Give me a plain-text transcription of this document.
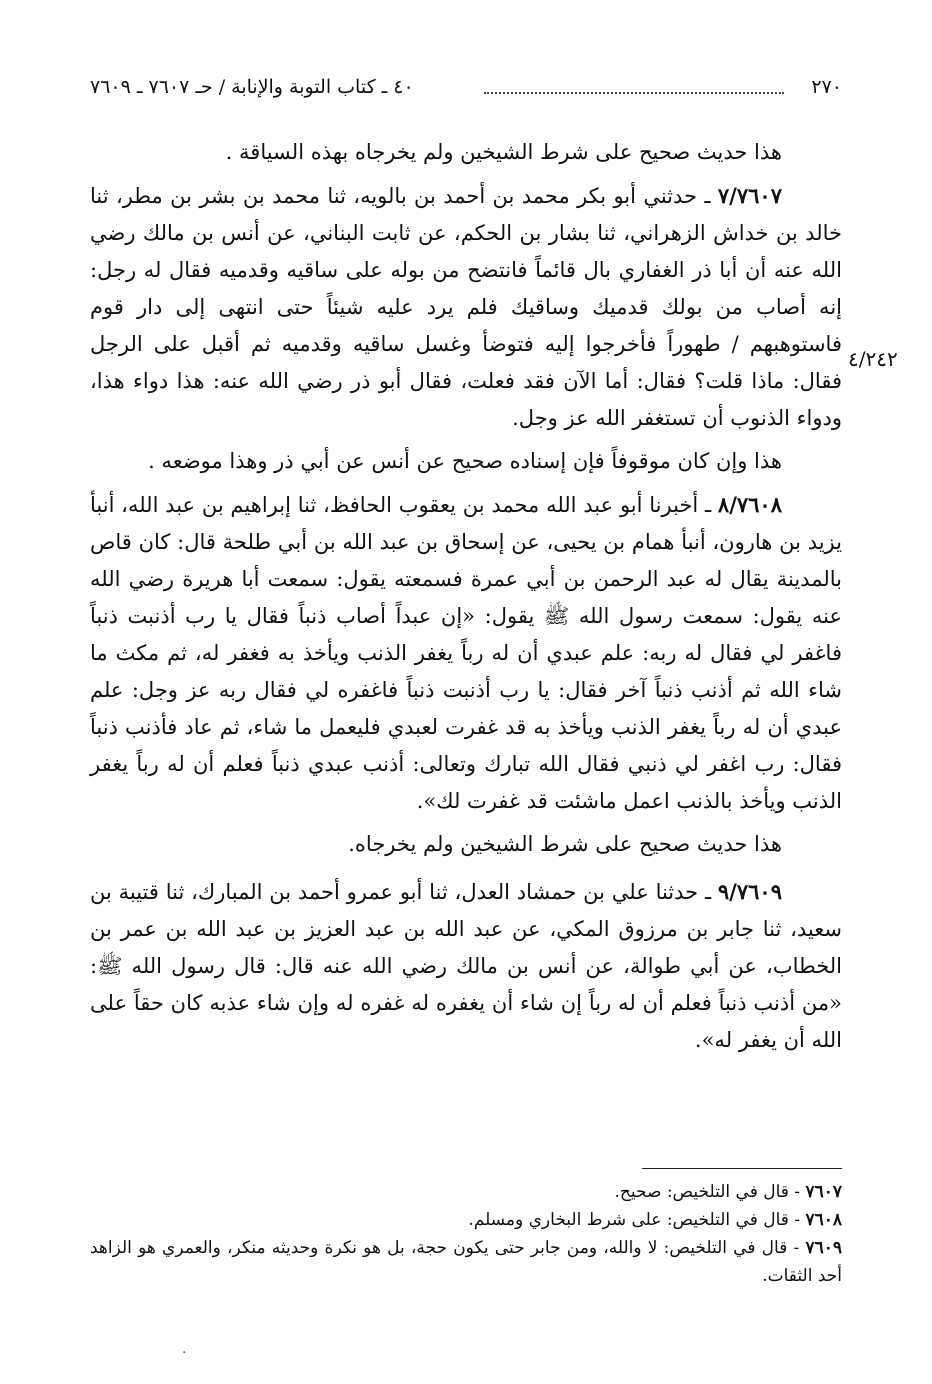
٢٧٠
٤٠ ـ كتاب التوبة والإنابة / حـ ٧٦٠٧ ـ ٧٦٠٩
٤/٢٤٢

هذا حديث صحيح على شرط الشيخين ولم يخرجاه بهذه السياقة .

٧/٧٦٠٧ ـ حدثني أبو بكر محمد بن أحمد بن بالويه، ثنا محمد بن بشر بن مطر، ثنا خالد بن خداش الزهراني، ثنا بشار بن الحكم، عن ثابت البناني، عن أنس بن مالك رضي الله عنه أن أبا ذر الغفاري بال قائماً فانتضح من بوله على ساقيه وقدميه فقال له رجل: إنه أصاب من بولك قدميك وساقيك فلم يرد عليه شيئاً حتى انتهى إلى دار قوم فاستوهبهم / طهوراً فأخرجوا إليه فتوضأ وغسل ساقيه وقدميه ثم أقبل على الرجل فقال: ماذا قلت؟ فقال: أما الآن فقد فعلت، فقال أبو ذر رضي الله عنه: هذا دواء هذا، ودواء الذنوب أن تستغفر الله عز وجل.

هذا وإن كان موقوفاً فإن إسناده صحيح عن أنس عن أبي ذر وهذا موضعه .

٨/٧٦٠٨ ـ أخبرنا أبو عبد الله محمد بن يعقوب الحافظ، ثنا إبراهيم بن عبد الله، أنبأ يزيد بن هارون، أنبأ همام بن يحيى، عن إسحاق بن عبد الله بن أبي طلحة قال: كان قاص بالمدينة يقال له عبد الرحمن بن أبي عمرة فسمعته يقول: سمعت أبا هريرة رضي الله عنه يقول: سمعت رسول الله ﷺ يقول: «إن عبداً أصاب ذنباً فقال يا رب أذنبت ذنباً فاغفر لي فقال له ربه: علم عبدي أن له رباً يغفر الذنب ويأخذ به فغفر له، ثم مكث ما شاء الله ثم أذنب ذنباً آخر فقال: يا رب أذنبت ذنباً فاغفره لي فقال ربه عز وجل: علم عبدي أن له رباً يغفر الذنب ويأخذ به قد غفرت لعبدي فليعمل ما شاء، ثم عاد فأذنب ذنباً فقال: رب اغفر لي ذنبي فقال الله تبارك وتعالى: أذنب عبدي ذنباً فعلم أن له رباً يغفر الذنب ويأخذ بالذنب اعمل ماشئت قد غفرت لك».

هذا حديث صحيح على شرط الشيخين ولم يخرجاه.

٩/٧٦٠٩ ـ حدثنا علي بن حمشاد العدل، ثنا أبو عمرو أحمد بن المبارك، ثنا قتيبة بن سعيد، ثنا جابر بن مرزوق المكي، عن عبد الله بن عبد العزيز بن عبد الله بن عمر بن الخطاب، عن أبي طوالة، عن أنس بن مالك رضي الله عنه قال: قال رسول الله ﷺ: «من أذنب ذنباً فعلم أن له رباً إن شاء أن يغفره له غفره له وإن شاء عذبه كان حقاً على الله أن يغفر له».

٧٦٠٧ - قال في التلخيص: صحيح.

٧٦٠٨ - قال في التلخيص: على شرط البخاري ومسلم.

٧٦٠٩ - قال في التلخيص: لا والله، ومن جابر حتى يكون حجة، بل هو نكرة وحديثه منكر، والعمري هو الزاهد أحد الثقات.

·
